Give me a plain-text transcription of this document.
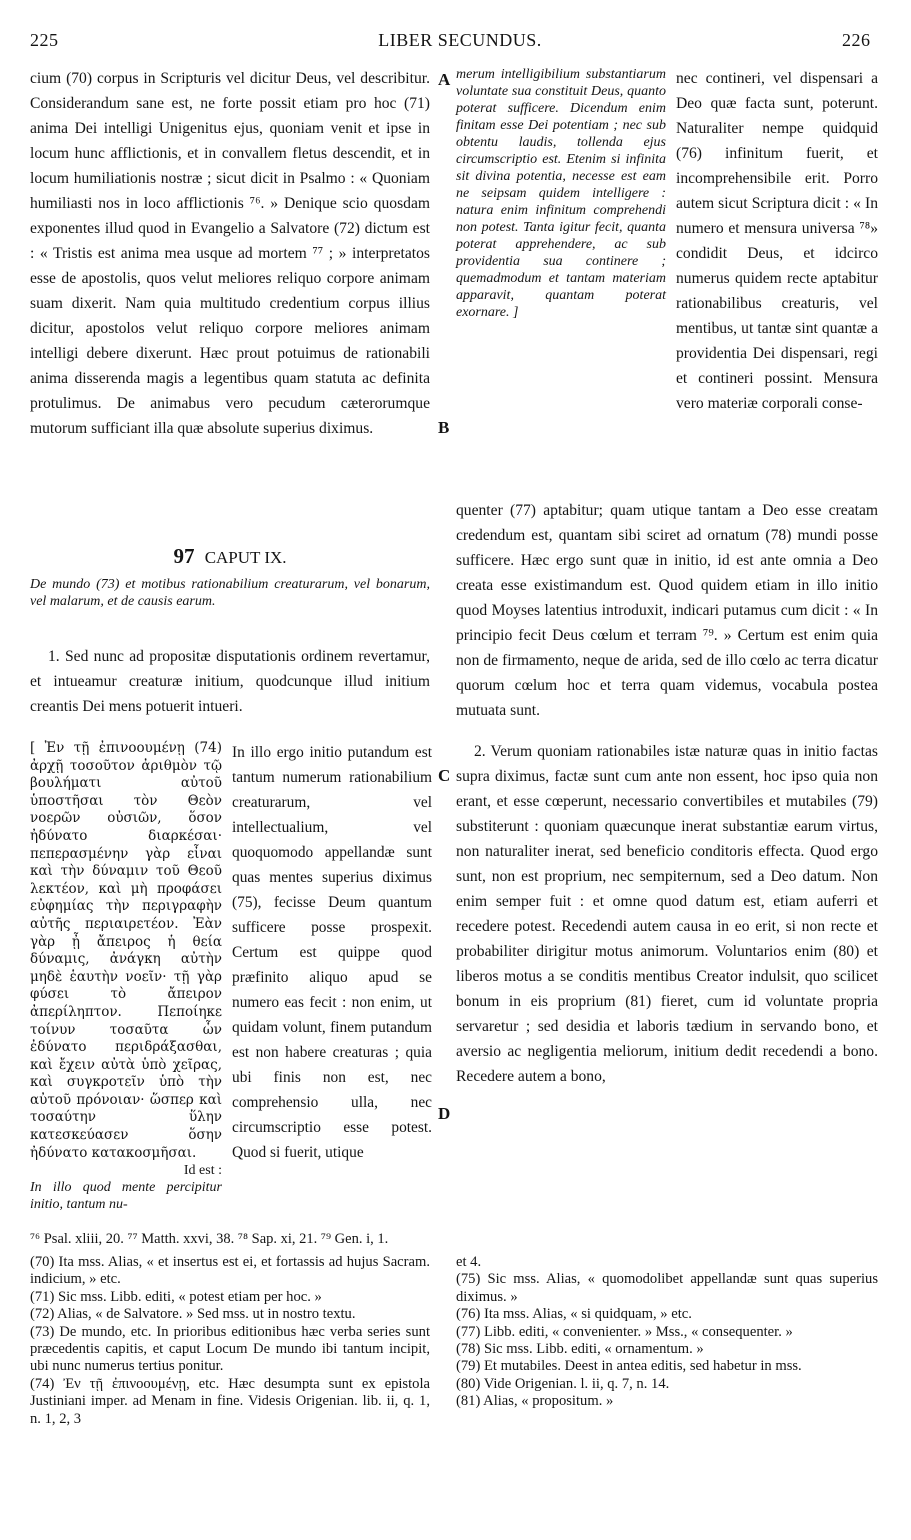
225	LIBER SECUNDUS.	226
A
B
C
D

cium (70) corpus in Scripturis vel dicitur Deus, vel describitur. Considerandum sane est, ne forte possit etiam pro hoc (71) anima Dei intelligi Unigenitus ejus, quoniam venit et ipse in locum hunc afflictionis, et in convallem fletus descendit, et in locum humiliationis nostræ ; sicut dicit in Psalmo : « Quoniam humiliasti nos in loco afflictionis ⁷⁶. » Denique scio quosdam exponentes illud quod in Evangelio a Salvatore (72) dictum est : « Tristis est anima mea usque ad mortem ⁷⁷ ; » interpretatos esse de apostolis, quos velut meliores reliquo corpore animam suam dixerit. Nam quia multitudo credentium corpus illius dicitur, apostolos velut reliquo corpore meliores animam intelligi debere dixerunt. Hæc prout potuimus de rationabili anima disserenda magis a legentibus quam statuta ac definita protulimus. De animabus vero pecudum cæterorumque mutorum sufficiant illa quæ absolute superius diximus.

merum intelligibilium substantiarum voluntate sua constituit Deus, quanto poterat sufficere. Dicendum enim finitam esse Dei potentiam ; nec sub obtentu laudis, tollenda ejus circumscriptio est. Etenim si infinita sit divina potentia, necesse est eam ne seipsam quidem intelligere : natura enim infinitum comprehendi non potest. Tanta igitur fecit, quanta poterat apprehendere, ac sub providentia sua continere ; quemadmodum et tantam materiam apparavit, quantam poterat exornare. ]

nec contineri, vel dispensari a Deo quæ facta sunt, poterunt. Naturaliter nempe quidquid (76) infinitum fuerit, et incomprehensibile erit. Porro autem sicut Scriptura dicit : « In numero et mensura universa ⁷⁸» condidit Deus, et idcirco numerus quidem recte aptabitur rationabilibus creaturis, vel mentibus, ut tantæ sint quantæ a providentia Dei dispensari, regi et contineri possint. Mensura vero materiæ corporali conse-

97 CAPUT IX.

De mundo (73) et motibus rationabilium creaturarum, vel bonarum, vel malarum, et de causis earum.

1. Sed nunc ad propositæ disputationis ordinem revertamur, et intueamur creaturæ initium, quodcunque illud initium creantis Dei mens potuerit intueri.

[ Ἐν τῇ ἐπινοουμένῃ (74) ἀρχῇ τοσοῦτον ἀριθμὸν τῷ βουλήματι αὐτοῦ ὑποστῆσαι τὸν Θεὸν νοερῶν οὐσιῶν, ὅσον ἠδύνατο διαρκέσαι· πεπερασμένην γὰρ εἶναι καὶ τὴν δύναμιν τοῦ Θεοῦ λεκτέον, καὶ μὴ προφάσει εὐφημίας τὴν περιγραφὴν αὐτῆς περιαιρετέον. Ἐὰν γὰρ ᾖ ἄπειρος ἡ θεία δύναμις, ἀνάγκη αὐτὴν μηδὲ ἑαυτὴν νοεῖν· τῇ γὰρ φύσει τὸ ἄπειρον ἀπερίληπτον. Πεποίηκε τοίνυν τοσαῦτα ὧν ἐδύνατο περιδράξασθαι, καὶ ἔχειν αὐτὰ ὑπὸ χεῖρας, καὶ συγκροτεῖν ὑπὸ τὴν αὐτοῦ πρόνοιαν· ὥσπερ καὶ τοσαύτην ὕλην κατεσκεύασεν ὅσην ἠδύνατο κατακοσμῆσαι.

Id est :

In illo quod mente percipitur initio, tantum nu-

In illo ergo initio putandum est tantum numerum rationabilium creaturarum, vel intellectualium, vel quoquomodo appellandæ sunt quas mentes superius diximus (75), fecisse Deum quantum sufficere posse prospexit. Certum est quippe quod præfinito aliquo apud se numero eas fecit : non enim, ut quidam volunt, finem putandum est non habere creaturas ; quia ubi finis non est, nec comprehensio ulla, nec circumscriptio esse potest. Quod si fuerit, utique

quenter (77) aptabitur; quam utique tantam a Deo esse creatam credendum est, quantam sibi sciret ad ornatum (78) mundi posse sufficere. Hæc ergo sunt quæ in initio, id est ante omnia a Deo creata esse existimandum est. Quod quidem etiam in illo initio quod Moyses latentius introduxit, indicari putamus cum dicit : « In principio fecit Deus cœlum et terram ⁷⁹. » Certum est enim quia non de firmamento, neque de arida, sed de illo cœlo ac terra dicatur quorum cœlum hoc et terra quam videmus, vocabula postea mutuata sunt.

2. Verum quoniam rationabiles istæ naturæ quas in initio factas supra diximus, factæ sunt cum ante non essent, hoc ipso quia non erant, et esse cœperunt, necessario convertibiles et mutabiles (79) substiterunt : quoniam quæcunque inerat substantiæ earum virtus, non naturaliter inerat, sed beneficio conditoris effecta. Quod ergo sunt, non est proprium, nec sempiternum, sed a Deo datum. Non enim semper fuit : et omne quod datum est, etiam auferri et recedere potest. Recedendi autem causa in eo erit, si non recte et probabiliter dirigitur motus animorum. Voluntarios enim (80) et liberos motus a se conditis mentibus Creator indulsit, quo scilicet bonum in eis proprium (81) fieret, cum id voluntate propria servaretur ; sed desidia et laboris tædium in servando bono, et aversio ac negligentia meliorum, initium dedit recedendi a bono. Recedere autem a bono,

⁷⁶ Psal. xliii, 20. ⁷⁷ Matth. xxvi, 38. ⁷⁸ Sap. xi, 21. ⁷⁹ Gen. i, 1.

(70) Ita mss. Alias, « et insertus est ei, et fortassis ad hujus Sacram. indicium, » etc.

(71) Sic mss. Libb. editi, « potest etiam per hoc. »

(72) Alias, « de Salvatore. » Sed mss. ut in nostro textu.

(73) De mundo, etc. In prioribus editionibus hæc verba series sunt præcedentis capitis, et caput Locum De mundo ibi tantum incipit, ubi nunc numerus tertius ponitur.

(74) Ἐν τῇ ἐπινοουμένῃ, etc. Hæc desumpta sunt ex epistola Justiniani imper. ad Menam in fine. Videsis Origenian. lib. ii, q. 1, n. 1, 2, 3

et 4.

(75) Sic mss. Alias, « quomodolibet appellandæ sunt quas superius diximus. »

(76) Ita mss. Alias, « si quidquam, » etc.

(77) Libb. editi, « convenienter. » Mss., « consequenter. »

(78) Sic mss. Libb. editi, « ornamentum. »

(79) Et mutabiles. Deest in antea editis, sed habetur in mss.

(80) Vide Origenian. l. ii, q. 7, n. 14.

(81) Alias, « propositum. »
